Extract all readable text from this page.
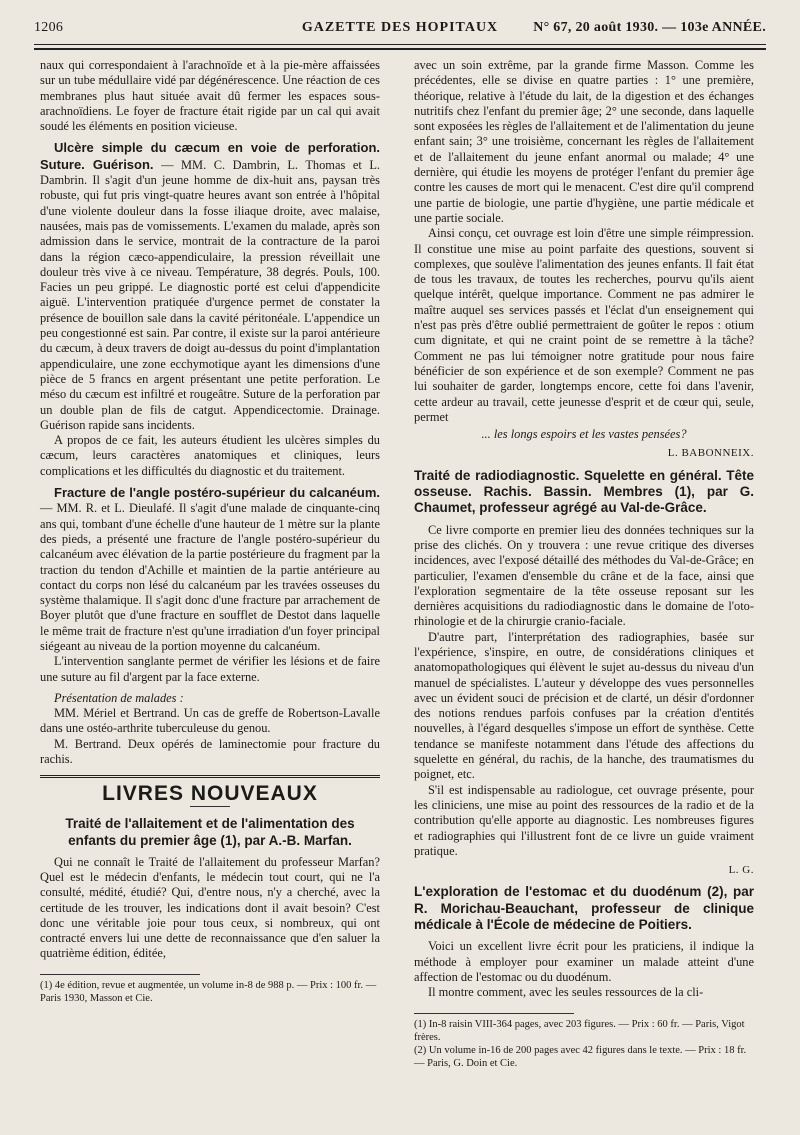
1206	GAZETTE DES HOPITAUX	N° 67, 20 août 1930. — 103e ANNÉE.

naux qui correspondaient à l'arachnoïde et à la pie-mère affaissées sur un tube médullaire vidé par dégénérescence. Une réaction de ces membranes plus haut située avait dû fermer les espaces sous-arachnoïdiens. Le foyer de fracture était rigide par un cal qui avait soudé les éléments en position vicieuse.

Ulcère simple du cæcum en voie de perforation. Suture. Guérison. — MM. C. Dambrin, L. Thomas et L. Dambrin. Il s'agit d'un jeune homme de dix-huit ans, paysan très robuste, qui fut pris vingt-quatre heures avant son entrée à l'hôpital d'une violente douleur dans la fosse iliaque droite, avec malaise, nausées, mais pas de vomissements. L'examen du malade, après son admission dans le service, montrait de la contracture de la paroi dans la région cæco-appendiculaire, la pression réveillait une douleur très vive à ce niveau. Température, 38 degrés. Pouls, 100. Facies un peu grippé. Le diagnostic porté est celui d'appendicite aiguë. L'intervention pratiquée d'urgence permet de constater la présence de bouillon sale dans la cavité péritonéale. L'appendice un peu congestionné est sain. Par contre, il existe sur la paroi antérieure du cæcum, à deux travers de doigt au-dessus du point d'implantation appendiculaire, une zone ecchymotique ayant les dimensions d'une pièce de 5 francs en argent présentant une petite perforation. Le méso du cæcum est infiltré et rougeâtre. Suture de la perforation par un double plan de fils de catgut. Appendicectomie. Drainage. Guérison rapide sans incidents.

A propos de ce fait, les auteurs étudient les ulcères simples du cæcum, leurs caractères anatomiques et cliniques, leurs complications et les difficultés du diagnostic et du traitement.

Fracture de l'angle postéro-supérieur du calcanéum. — MM. R. et L. Dieulafé. Il s'agit d'une malade de cinquante-cinq ans qui, tombant d'une échelle d'une hauteur de 1 mètre sur la plante des pieds, a présenté une fracture de l'angle postéro-supérieur du calcanéum avec élévation de la partie postérieure du fragment par la traction du tendon d'Achille et maintien de la partie antérieure au contact du corps non lésé du calcanéum par les travées osseuses du système thalamique. Il s'agit donc d'une fracture par arrachement de Boyer plutôt que d'une fracture en soufflet de Destot dans laquelle le même trait de fracture n'est qu'une irradiation d'un foyer principal siégeant au niveau de la portion moyenne du calcanéum.

L'intervention sanglante permet de vérifier les lésions et de faire une suture au fil d'argent par la face externe.

Présentation de malades :

MM. Mériel et Bertrand. Un cas de greffe de Robertson-Lavalle dans une ostéo-arthrite tuberculeuse du genou.

M. Bertrand. Deux opérés de laminectomie pour fracture du rachis.

LIVRES NOUVEAUX
Traité de l'allaitement et de l'alimentation des enfants du premier âge (1), par A.-B. Marfan.

Qui ne connaît le Traité de l'allaitement du professeur Marfan? Quel est le médecin d'enfants, le médecin tout court, qui ne l'a consulté, médité, étudié? Qui, d'entre nous, n'y a cherché, avec la certitude de les trouver, les indications dont il avait besoin? C'est donc une véritable joie pour tous ceux, si nombreux, qui ont contracté envers lui une dette de reconnaissance que d'en saluer la quatrième édition, éditée,

(1) 4e édition, revue et augmentée, un volume in-8 de 988 p. — Prix : 100 fr. — Paris 1930, Masson et Cie.

avec un soin extrême, par la grande firme Masson. Comme les précédentes, elle se divise en quatre parties : 1° une première, théorique, relative à l'étude du lait, de la digestion et des échanges nutritifs chez l'enfant du premier âge; 2° une seconde, dans laquelle sont exposées les règles de l'allaitement et de l'alimentation du jeune enfant sain; 3° une troisième, concernant les règles de l'allaitement et de l'allaitement du jeune enfant anormal ou malade; 4° une dernière, qui étudie les moyens de protéger l'enfant du premier âge contre les causes de mort qui le menacent. C'est dire qu'il comprend une partie de biologie, une partie d'hygiène, une partie médicale et une partie sociale.

Ainsi conçu, cet ouvrage est loin d'être une simple réimpression. Il constitue une mise au point parfaite des questions, souvent si complexes, que soulève l'alimentation des jeunes enfants. Il fait état de tous les travaux, de toutes les recherches, pourvu qu'ils aient quelque intérêt, quelque importance. Comment ne pas admirer le maître auquel ses services passés et l'éclat d'un enseignement qui n'est pas près d'être oublié permettraient de goûter le repos : otium cum dignitate, et qui ne craint point de se remettre à la tâche? Comment ne pas lui témoigner notre gratitude pour nous faire bénéficier de son expérience et de son exemple? Comment ne pas lui souhaiter de garder, longtemps encore, cette foi dans l'avenir, cette ardeur au travail, cette jeunesse d'esprit et de cœur qui, seule, permet

... les longs espoirs et les vastes pensées?
L. BABONNEIX.

Traité de radiodiagnostic. Squelette en général. Tête osseuse. Rachis. Bassin. Membres (1), par G. Chaumet, professeur agrégé au Val-de-Grâce.

Ce livre comporte en premier lieu des données techniques sur la prise des clichés. On y trouvera : une revue critique des diverses incidences, avec l'exposé détaillé des méthodes du Val-de-Grâce; en particulier, l'examen d'ensemble du crâne et de la face, ainsi que l'exploration segmentaire de la tête osseuse reposant sur les dernières acquisitions du radiodiagnostic dans le domaine de l'oto-rhinologie et de la chirurgie cranio-faciale.

D'autre part, l'interprétation des radiographies, basée sur l'expérience, s'inspire, en outre, de considérations cliniques et anatomopathologiques qui élèvent le sujet au-dessus du niveau d'un manuel de spécialistes. L'auteur y développe des vues personnelles avec un évident souci de précision et de clarté, un désir d'ordonner des notions rendues parfois confuses par la création d'entités nouvelles, à l'égard desquelles s'impose un effort de synthèse. Cette tendance se manifeste notamment dans l'étude des affections du squelette en général, du rachis, de la hanche, des traumatismes du poignet, etc.

S'il est indispensable au radiologue, cet ouvrage présente, pour les cliniciens, une mise au point des ressources de la radio et de la contribution qu'elle apporte au diagnostic. Les nombreuses figures et radiographies qui l'illustrent font de ce livre un guide vraiment pratique.

L. G.

L'exploration de l'estomac et du duodénum (2), par R. Morichau-Beauchant, professeur de clinique médicale à l'École de médecine de Poitiers.

Voici un excellent livre écrit pour les praticiens, il indique la méthode à employer pour examiner un malade atteint d'une affection de l'estomac ou du duodénum.

Il montre comment, avec les seules ressources de la cli-

(1) In-8 raisin VIII-364 pages, avec 203 figures. — Prix : 60 fr. — Paris, Vigot frères.
(2) Un volume in-16 de 200 pages avec 42 figures dans le texte. — Prix : 18 fr. — Paris, G. Doin et Cie.
